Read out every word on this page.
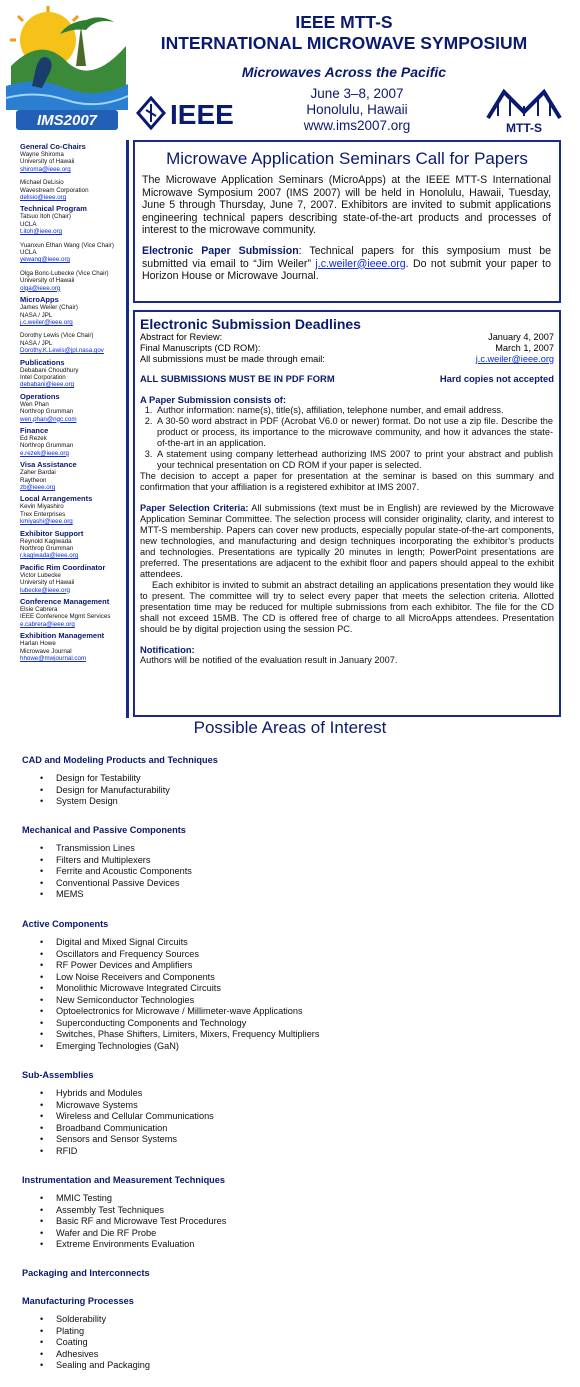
IMS2007
IEEE MTT-S
INTERNATIONAL MICROWAVE SYMPOSIUM
Microwaves Across the Pacific
June 3–8, 2007
Honolulu, Hawaii
www.ims2007.org
IEEE	MTT-S
General Co-Chairs
Wayne Shiroma
University of Hawaii
shiroma@ieee.org
Michael DeLisio
Wavestream Corporation
delisio@ieee.org
Technical Program
Tatsuo Itoh (Chair)
UCLA
t.itoh@ieee.org
Yuanxun Ethan Wang (Vice Chair)
UCLA
yewang@ieee.org
Olga Boric-Lubecke (Vice Chair)
University of Hawaii
olga@ieee.org
MicroApps
James Weiler (Chair)
NASA / JPL
j.c.weiler@ieee.org
Dorothy Lewis (Vice Chair)
NASA / JPL
Dorothy.K.Lewis@jpl.nasa.gov
Publications
Debabani Choudhury
Intel Corporation
debabani@ieee.org
Operations
Wen Phan
Northrop Grumman
wen.phan@ngc.com
Finance
Ed Rezek
Northrop Grumman
e.rezek@ieee.org
Visa Assistance
Zaher Bardai
Raytheon
zb@ieee.org
Local Arrangements
Kevin Miyashiro
Trex Enterprises
kmiyashi@ieee.org
Exhibitor Support
Reynold Kagiwada
Northrop Grumman
r.kagiwada@ieee.org
Pacific Rim Coordinator
Victor Lubecke
University of Hawaii
lubecke@ieee.org
Conference Management
Elsie Cabrera
IEEE Conference Mgmt Services
e.cabrera@ieee.org
Exhibition Management
Harlan Howe
Microwave Journal
hhowe@mwjournal.com
Microwave Application Seminars Call for Papers
The Microwave Application Seminars (MicroApps) at the IEEE MTT-S International Microwave Symposium 2007 (IMS 2007) will be held in Honolulu, Hawaii, Tuesday, June 5 through Thursday, June 7, 2007. Exhibitors are invited to submit applications engineering technical papers describing state-of-the-art products and processes of interest to the microwave community.
Electronic Paper Submission: Technical papers for this symposium must be submitted via email to “Jim Weiler” j.c.weiler@ieee.org. Do not submit your paper to Horizon House or Microwave Journal.
Electronic Submission Deadlines
Abstract for Review:	January 4, 2007
Final Manuscripts (CD ROM):	March 1, 2007
All submissions must be made through email:	j.c.weiler@ieee.org
ALL SUBMISSIONS MUST BE IN PDF FORM	Hard copies not accepted
A Paper Submission consists of:
1. Author information: name(s), title(s), affiliation, telephone number, and email address.
2. A 30-50 word abstract in PDF (Acrobat V6.0 or newer) format. Do not use a zip file. Describe the product or process, its importance to the microwave community, and how it advances the state-of-the-art in an application.
3. A statement using company letterhead authorizing IMS 2007 to print your abstract and publish your technical presentation on CD ROM if your paper is selected.
The decision to accept a paper for presentation at the seminar is based on this summary and confirmation that your affiliation is a registered exhibitor at IMS 2007.
Paper Selection Criteria: All submissions (text must be in English) are reviewed by the Microwave Application Seminar Committee. The selection process will consider originality, clarity, and interest to MTT-S membership. Papers can cover new products, especially popular state-of-the-art components, new technologies, and manufacturing and design techniques incorporating the exhibitor’s products and technologies. Presentations are typically 20 minutes in length; PowerPoint presentations are preferred. The presentations are adjacent to the exhibit floor and papers should appeal to the exhibit attendees.
Each exhibitor is invited to submit an abstract detailing an applications presentation they would like to present. The committee will try to select every paper that meets the selection criteria. Allotted presentation time may be reduced for multiple submissions from each exhibitor. The file for the CD shall not exceed 15MB. The CD is offered free of charge to all MicroApps attendees. Presentation should be by digital projection using the session PC.
Notification:
Authors will be notified of the evaluation result in January 2007.
Possible Areas of Interest
CAD and Modeling Products and Techniques
• Design for Testability
• Design for Manufacturability
• System Design
Mechanical and Passive Components
• Transmission Lines
• Filters and Multiplexers
• Ferrite and Acoustic Components
• Conventional Passive Devices
• MEMS
Active Components
• Digital and Mixed Signal Circuits
• Oscillators and Frequency Sources
• RF Power Devices and Amplifiers
• Low Noise Receivers and Components
• Monolithic Microwave Integrated Circuits
• New Semiconductor Technologies
• Optoelectronics for Microwave / Millimeter-wave Applications
• Superconducting Components and Technology
• Switches, Phase Shifters, Limiters, Mixers, Frequency Multipliers
• Emerging Technologies (GaN)
Sub-Assemblies
• Hybrids and Modules
• Microwave Systems
• Wireless and Cellular Communications
• Broadband Communication
• Sensors and Sensor Systems
• RFID
Instrumentation and Measurement Techniques
• MMIC Testing
• Assembly Test Techniques
• Basic RF and Microwave Test Procedures
• Wafer and Die RF Probe
• Extreme Environments Evaluation
Packaging and Interconnects
Manufacturing Processes
• Solderability
• Plating
• Coating
• Adhesives
• Sealing and Packaging
